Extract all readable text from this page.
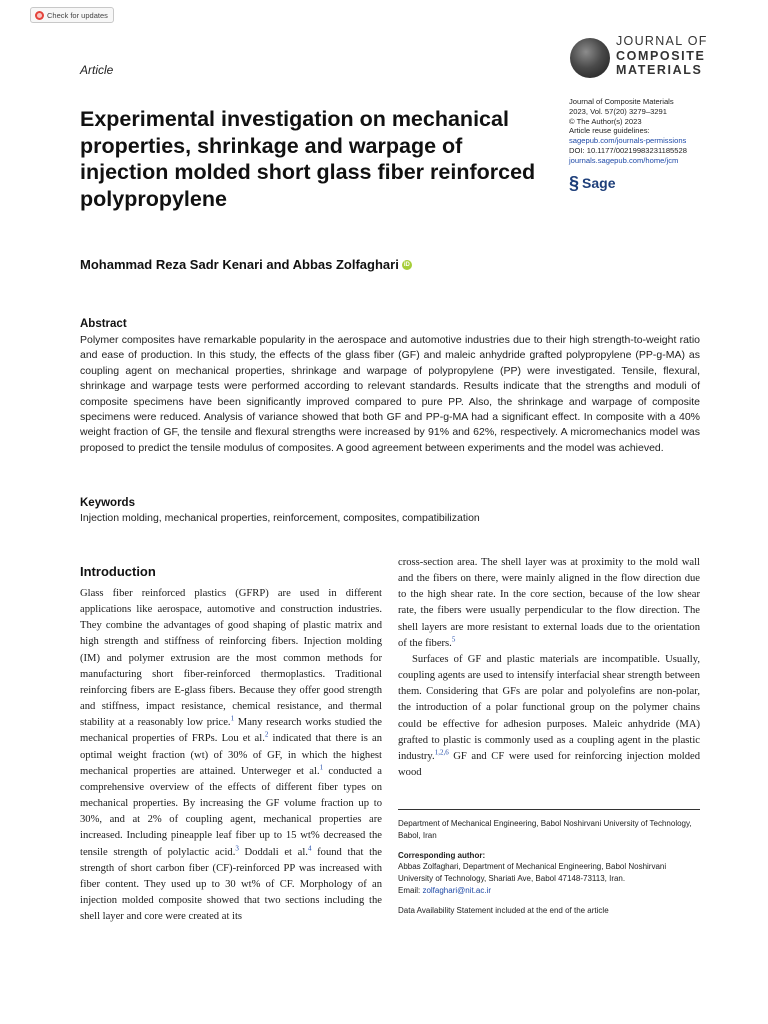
Check for updates
JOURNAL OF
COMPOSITE
MATERIALS
Article
Experimental investigation on mechanical properties, shrinkage and warpage of injection molded short glass fiber reinforced polypropylene
Journal of Composite Materials
2023, Vol. 57(20) 3279–3291
© The Author(s) 2023
Article reuse guidelines:
sagepub.com/journals-permissions
DOI: 10.1177/00219983231185528
journals.sagepub.com/home/jcm
§ Sage
Mohammad Reza Sadr Kenari and Abbas Zolfaghari iD
Abstract

Polymer composites have remarkable popularity in the aerospace and automotive industries due to their high strength-to-weight ratio and ease of production. In this study, the effects of the glass fiber (GF) and maleic anhydride grafted polypropylene (PP-g-MA) as coupling agent on mechanical properties, shrinkage and warpage of polypropylene (PP) were investigated. Tensile, flexural, shrinkage and warpage tests were performed according to relevant standards. Results indicate that the strengths and moduli of composite specimens have been significantly improved compared to pure PP. Also, the shrinkage and warpage of composite specimens were reduced. Analysis of variance showed that both GF and PP-g-MA had a significant effect. In composite with a 40% weight fraction of GF, the tensile and flexural strengths were increased by 91% and 62%, respectively. A micromechanics model was proposed to predict the tensile modulus of composites. A good agreement between experiments and the model was achieved.

Keywords
Injection molding, mechanical properties, reinforcement, composites, compatibilization
Introduction

Glass fiber reinforced plastics (GFRP) are used in different applications like aerospace, automotive and construction industries. They combine the advantages of good shaping of plastic matrix and high strength and stiffness of reinforcing fibers. Injection molding (IM) and polymer extrusion are the most common methods for manufacturing short fiber-reinforced thermoplastics. Traditional reinforcing fibers are E-glass fibers. Because they offer good strength and stiffness, impact resistance, chemical resistance, and thermal stability at a reasonably low price.$^1$ Many research works studied the mechanical properties of FRPs. Lou et al.$^2$ indicated that there is an optimal weight fraction (wt) of 30% of GF, in which the highest mechanical properties are attained. Unterweger et al.$^1$ conducted a comprehensive overview of the effects of different fiber types on mechanical properties. By increasing the GF volume fraction up to 30%, and at 2% of coupling agent, mechanical properties are increased. Including pineapple leaf fiber up to 15 wt% decreased the tensile strength of polylactic acid.$^3$ Doddali et al.$^4$ found that the strength of short carbon fiber (CF)-reinforced PP was increased with fiber content. They used up to 30 wt% of CF. Morphology of an injection molded composite showed that two sections including the shell layer and core were created at its

cross-section area. The shell layer was at proximity to the mold wall and the fibers on there, were mainly aligned in the flow direction due to the high shear rate. In the core section, because of the low shear rate, the fibers were usually perpendicular to the flow direction. The shell layers are more resistant to external loads due to the orientation of the fibers.$^5$

Surfaces of GF and plastic materials are incompatible. Usually, coupling agents are used to intensify interfacial shear strength between them. Considering that GFs are polar and polyolefins are non-polar, the introduction of a polar functional group on the polymer chains could be effective for adhesion purposes. Maleic anhydride (MA) grafted to plastic is commonly used as a coupling agent in the plastic industry.$^{1,2,6}$ GF and CF were used for reinforcing injection molded wood

Department of Mechanical Engineering, Babol Noshirvani University of Technology, Babol, Iran

Corresponding author:

Abbas Zolfaghari, Department of Mechanical Engineering, Babol Noshirvani University of Technology, Shariati Ave, Babol 47148-73113, Iran.

Email: zolfaghari@nit.ac.ir

Data Availability Statement included at the end of the article
